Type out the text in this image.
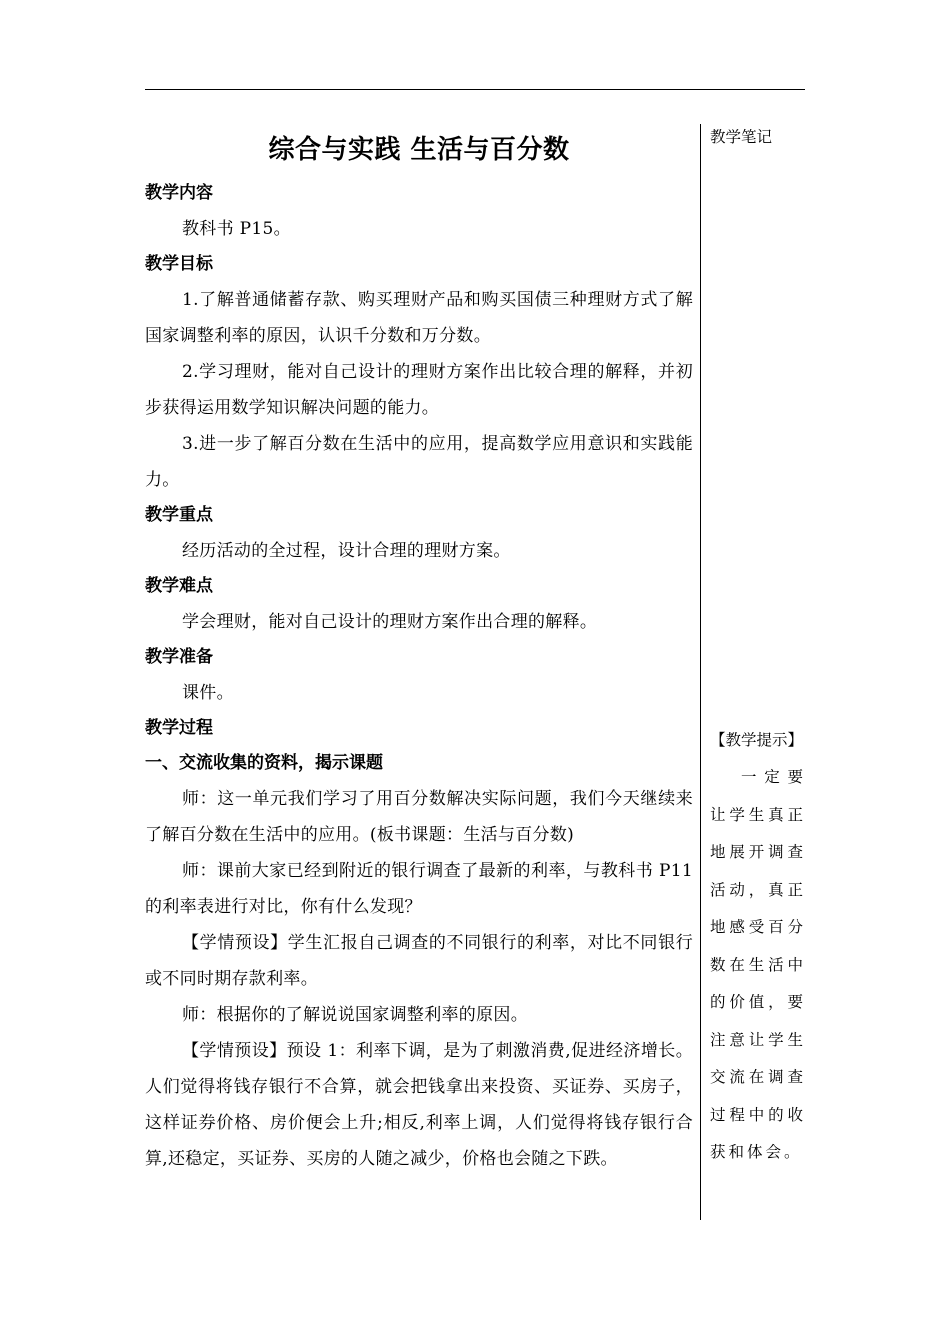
综合与实践 生活与百分数
教学内容
教科书 P15。
教学目标
1.了解普通储蓄存款、购买理财产品和购买国债三种理财方式了解国家调整利率的原因，认识千分数和万分数。
2.学习理财，能对自己设计的理财方案作出比较合理的解释，并初步获得运用数学知识解决问题的能力。
3.进一步了解百分数在生活中的应用，提高数学应用意识和实践能力。
教学重点
经历活动的全过程，设计合理的理财方案。
教学难点
学会理财，能对自己设计的理财方案作出合理的解释。
教学准备
课件。
教学过程
一、交流收集的资料，揭示课题
师：这一单元我们学习了用百分数解决实际问题，我们今天继续来了解百分数在生活中的应用。(板书课题：生活与百分数)
师：课前大家已经到附近的银行调查了最新的利率，与教科书 P11 的利率表进行对比，你有什么发现？
【学情预设】学生汇报自己调查的不同银行的利率，对比不同银行或不同时期存款利率。
师：根据你的了解说说国家调整利率的原因。
【学情预设】预设 1：利率下调，是为了刺激消费,促进经济增长。人们觉得将钱存银行不合算，就会把钱拿出来投资、买证券、买房子，这样证券价格、房价便会上升;相反,利率上调，人们觉得将钱存银行合算,还稳定，买证券、买房的人随之减少，价格也会随之下跌。
教学笔记
【教学提示】
一定要让学生真正地展开调查活动，真正地感受百分数在生活中的价值，要注意让学生交流在调查过程中的收获和体会。
